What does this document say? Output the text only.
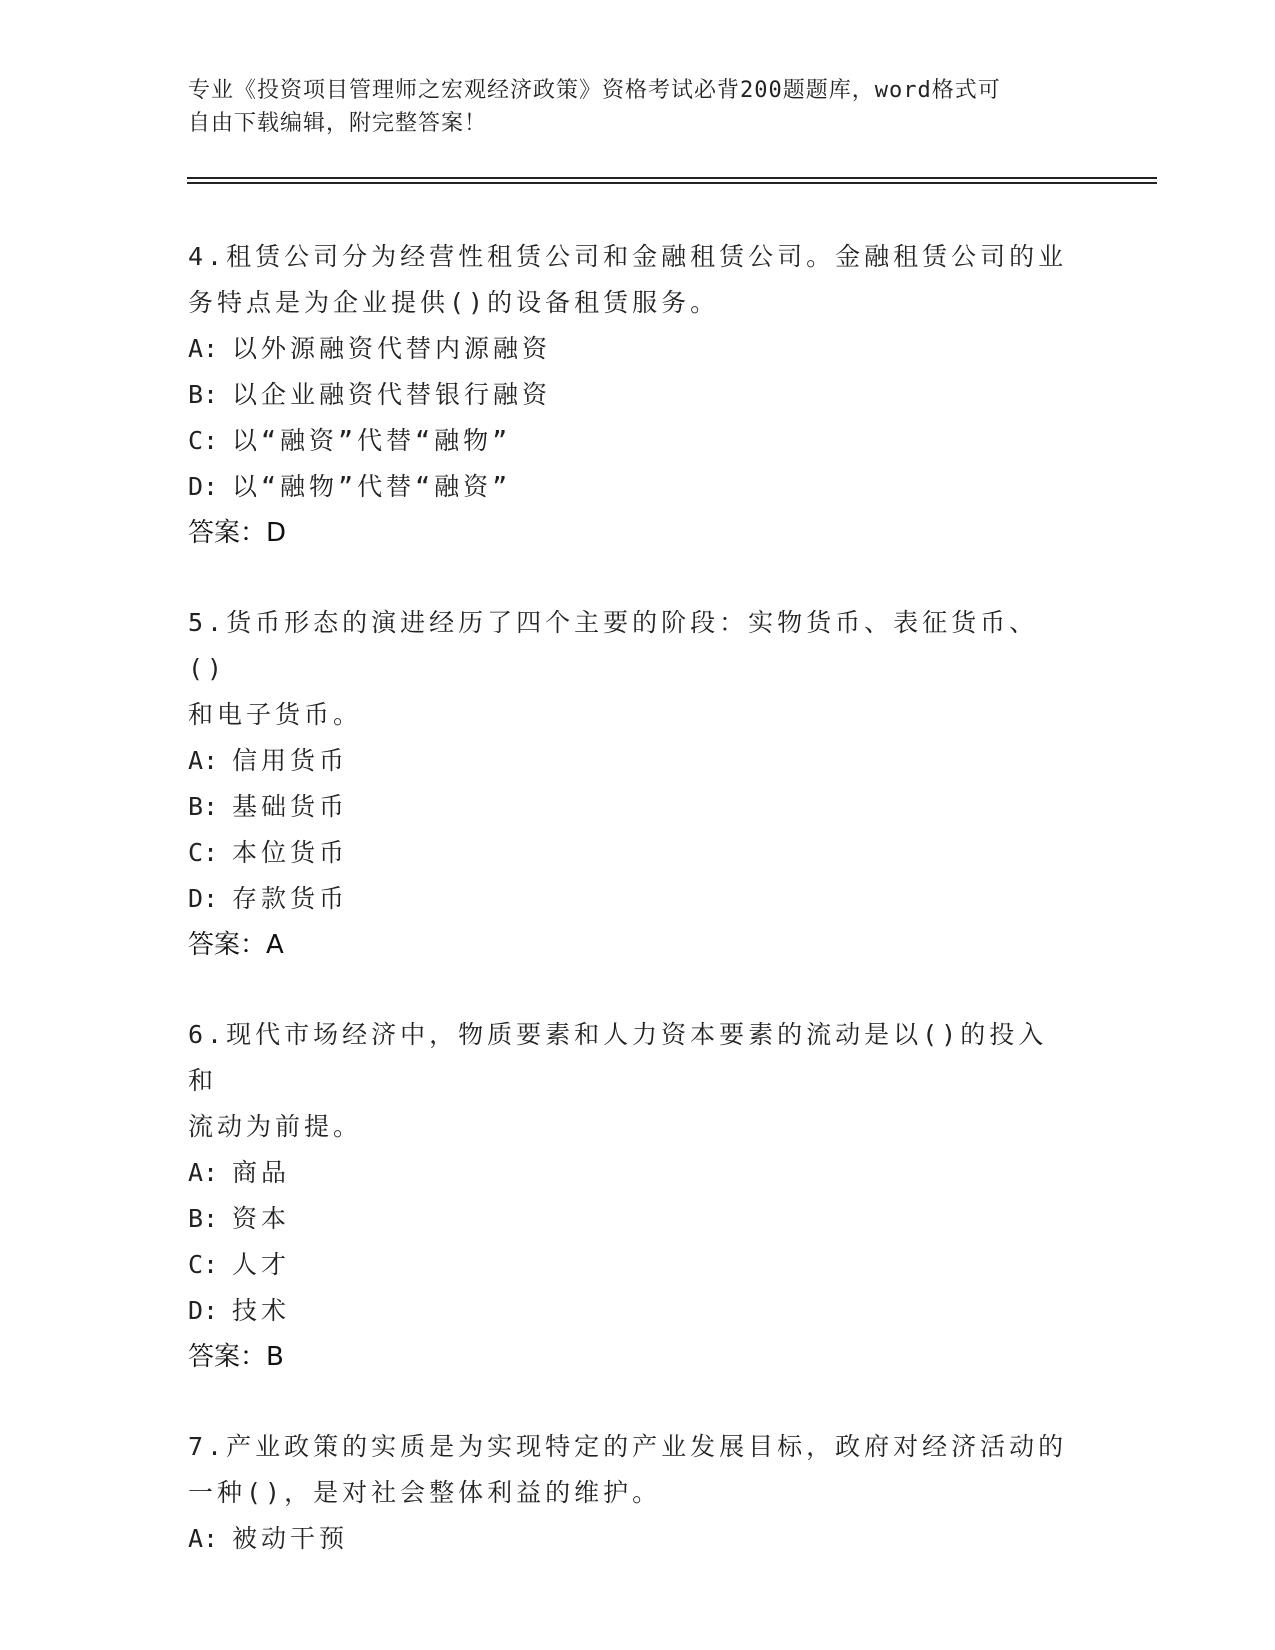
专业《投资项目管理师之宏观经济政策》资格考试必背200题题库，word格式可
自由下载编辑，附完整答案！
4.租赁公司分为经营性租赁公司和金融租赁公司。金融租赁公司的业
务特点是为企业提供()的设备租赁服务。
A: 以外源融资代替内源融资
B: 以企业融资代替银行融资
C: 以“融资”代替“融物”
D: 以“融物”代替“融资”
答案：D
5.货币形态的演进经历了四个主要的阶段：实物货币、表征货币、()
和电子货币。
A: 信用货币
B: 基础货币
C: 本位货币
D: 存款货币
答案：A
6.现代市场经济中，物质要素和人力资本要素的流动是以()的投入和
流动为前提。
A: 商品
B: 资本
C: 人才
D: 技术
答案：B
7.产业政策的实质是为实现特定的产业发展目标，政府对经济活动的
一种()，是对社会整体利益的维护。
A: 被动干预
